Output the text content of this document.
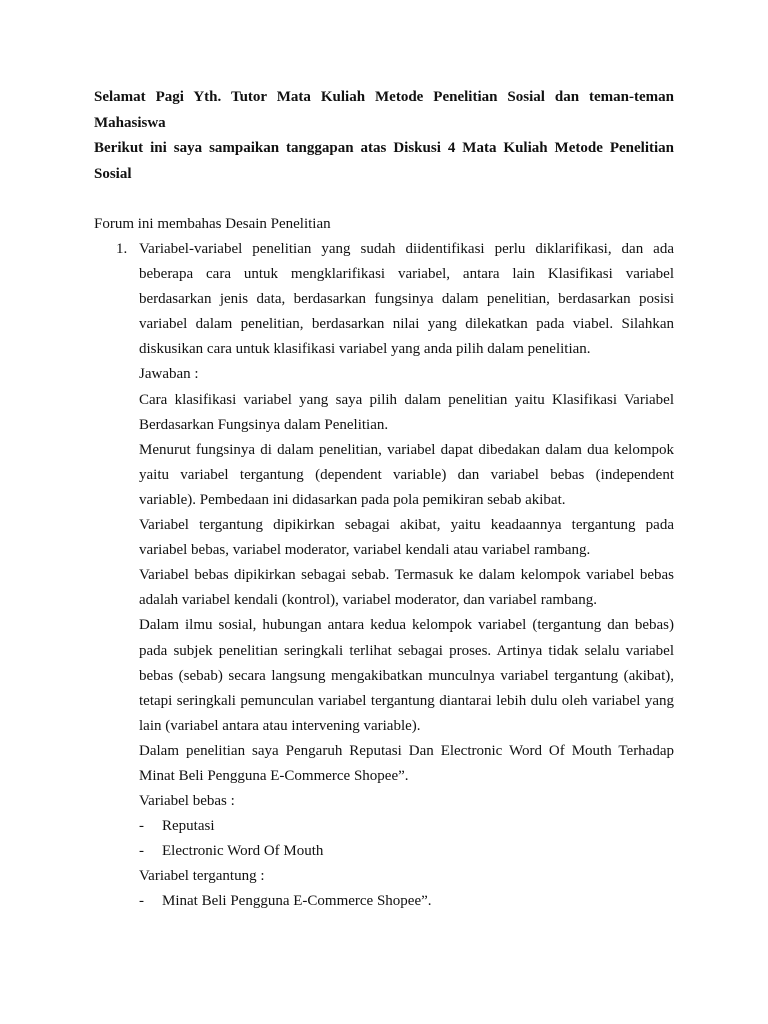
Selamat Pagi Yth. Tutor Mata Kuliah Metode Penelitian Sosial dan teman-teman Mahasiswa

Berikut ini saya sampaikan tanggapan atas Diskusi 4 Mata Kuliah Metode Penelitian Sosial

Forum ini membahas Desain Penelitian

1. Variabel-variabel penelitian yang sudah diidentifikasi perlu diklarifikasi, dan ada beberapa cara untuk mengklarifikasi variabel, antara lain Klasifikasi variabel berdasarkan jenis data, berdasarkan fungsinya dalam penelitian, berdasarkan posisi variabel dalam penelitian, berdasarkan nilai yang dilekatkan pada viabel. Silahkan diskusikan cara untuk klasifikasi variabel yang anda pilih dalam penelitian.

Jawaban :

Cara klasifikasi variabel yang saya pilih dalam penelitian yaitu Klasifikasi Variabel Berdasarkan Fungsinya dalam Penelitian.

Menurut fungsinya di dalam penelitian, variabel dapat dibedakan dalam dua kelompok yaitu variabel tergantung (dependent variable) dan variabel bebas (independent variable). Pembedaan ini didasarkan pada pola pemikiran sebab akibat.

Variabel tergantung dipikirkan sebagai akibat, yaitu keadaannya tergantung pada variabel bebas, variabel moderator, variabel kendali atau variabel rambang.

Variabel bebas dipikirkan sebagai sebab. Termasuk ke dalam kelompok variabel bebas adalah variabel kendali (kontrol), variabel moderator, dan variabel rambang.

Dalam ilmu sosial, hubungan antara kedua kelompok variabel (tergantung dan bebas) pada subjek penelitian seringkali terlihat sebagai proses. Artinya tidak selalu variabel bebas (sebab) secara langsung mengakibatkan munculnya variabel tergantung (akibat), tetapi seringkali pemunculan variabel tergantung diantarai lebih dulu oleh variabel yang lain (variabel antara atau intervening variable).

Dalam penelitian saya Pengaruh Reputasi Dan Electronic Word Of Mouth Terhadap Minat Beli Pengguna E-Commerce Shopee”.

Variabel bebas :

- Reputasi
- Electronic Word Of Mouth

Variabel tergantung :

- Minat Beli Pengguna E-Commerce Shopee”.
